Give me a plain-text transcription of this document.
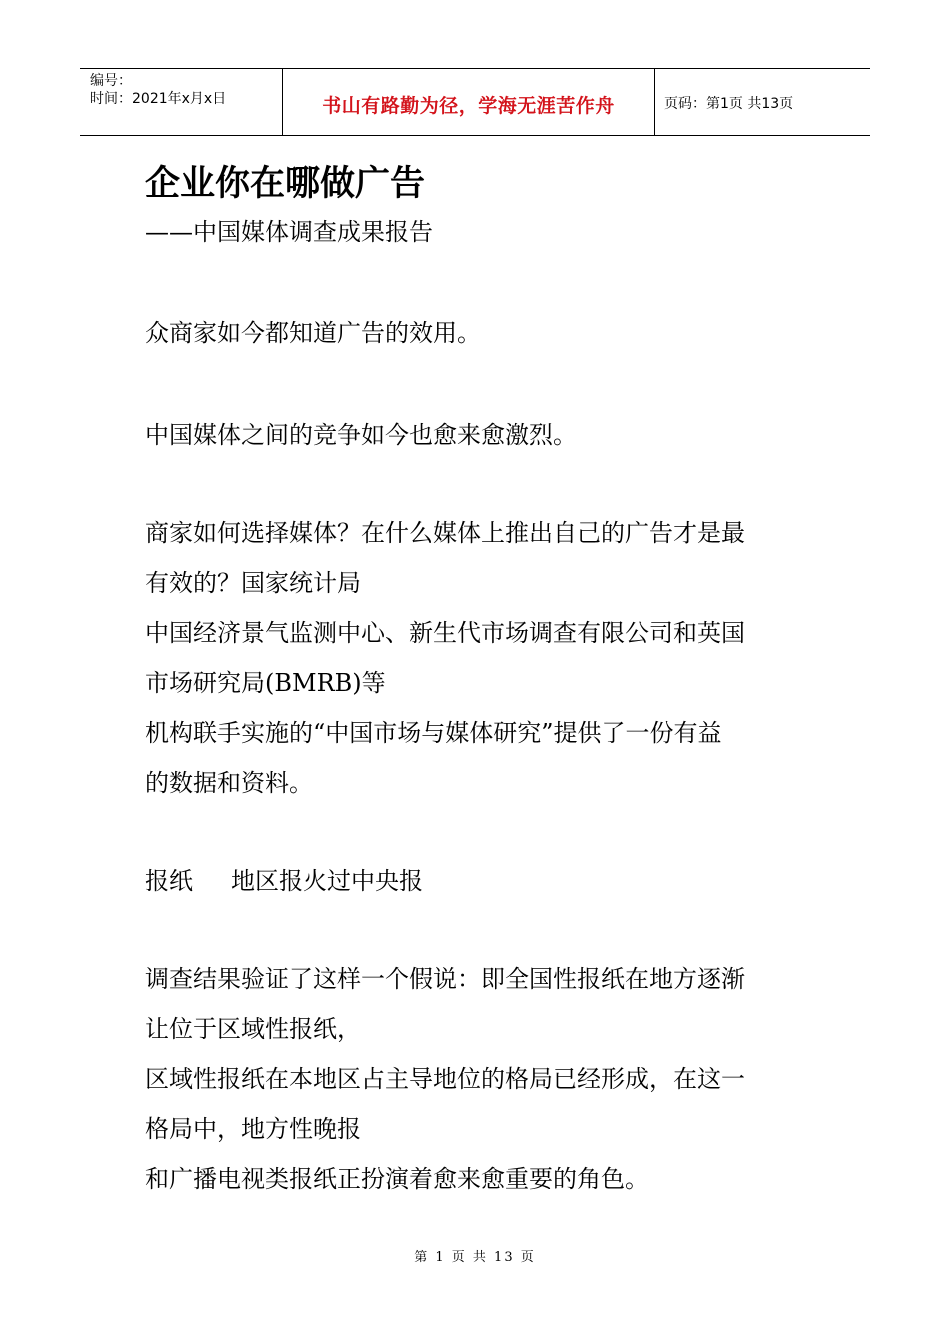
编号：
时间：2021年x月x日	书山有路勤为径，学海无涯苦作舟	页码：第1页 共13页
企业你在哪做广告
——中国媒体调查成果报告
众商家如今都知道广告的效用。
中国媒体之间的竞争如今也愈来愈激烈。
商家如何选择媒体？在什么媒体上推出自己的广告才是最
有效的？国家统计局
中国经济景气监测中心、新生代市场调查有限公司和英国
市场研究局(BMRB)等
机构联手实施的“中国市场与媒体研究”提供了一份有益
的数据和资料。
报纸 地区报火过中央报
调查结果验证了这样一个假说：即全国性报纸在地方逐渐
让位于区域性报纸，
区域性报纸在本地区占主导地位的格局已经形成，在这一
格局中，地方性晚报
和广播电视类报纸正扮演着愈来愈重要的角色。
第 1 页 共 13 页
